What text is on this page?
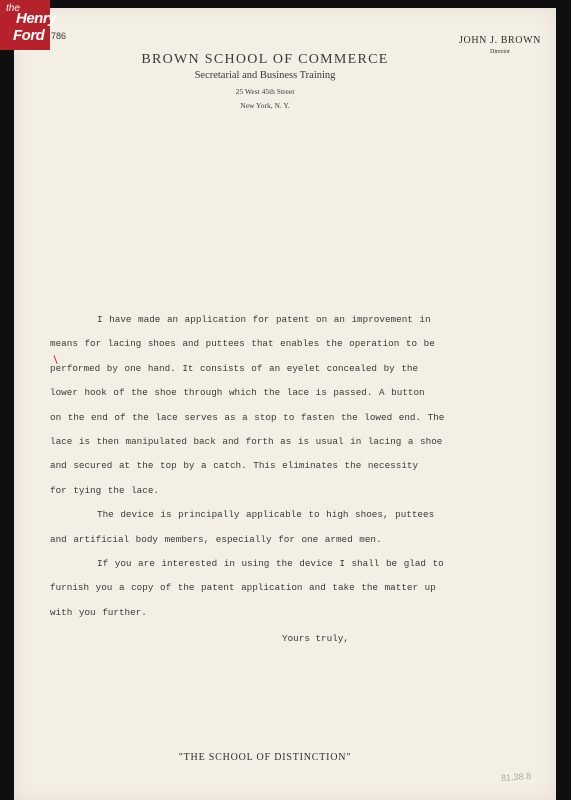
the
Henry
Ford 786	JOHN J. BROWN
Director
BROWN SCHOOL OF COMMERCE
Secretarial and Business Training
25 West 45th Street
New York, N. Y.
I have made an application for patent on an improvement in
means for lacing shoes and puttees that enables the operation to be
performed by one hand. It consists of an eyelet concealed by the
lower hook of the shoe through which the lace is passed. A button
on the end of the lace serves as a stop to fasten the lowed end. The
lace is then manipulated back and forth as is usual in lacing a shoe
and secured at the top by a catch. This eliminates the necessity
for tying the lace.
The device is principally applicable to high shoes, puttees
and artificial body members, especially for one armed men.
If you are interested in using the device I shall be glad to
furnish you a copy of the patent application and take the matter up
with you further.
Yours truly,
"THE SCHOOL OF DISTINCTION"
81.38.8
